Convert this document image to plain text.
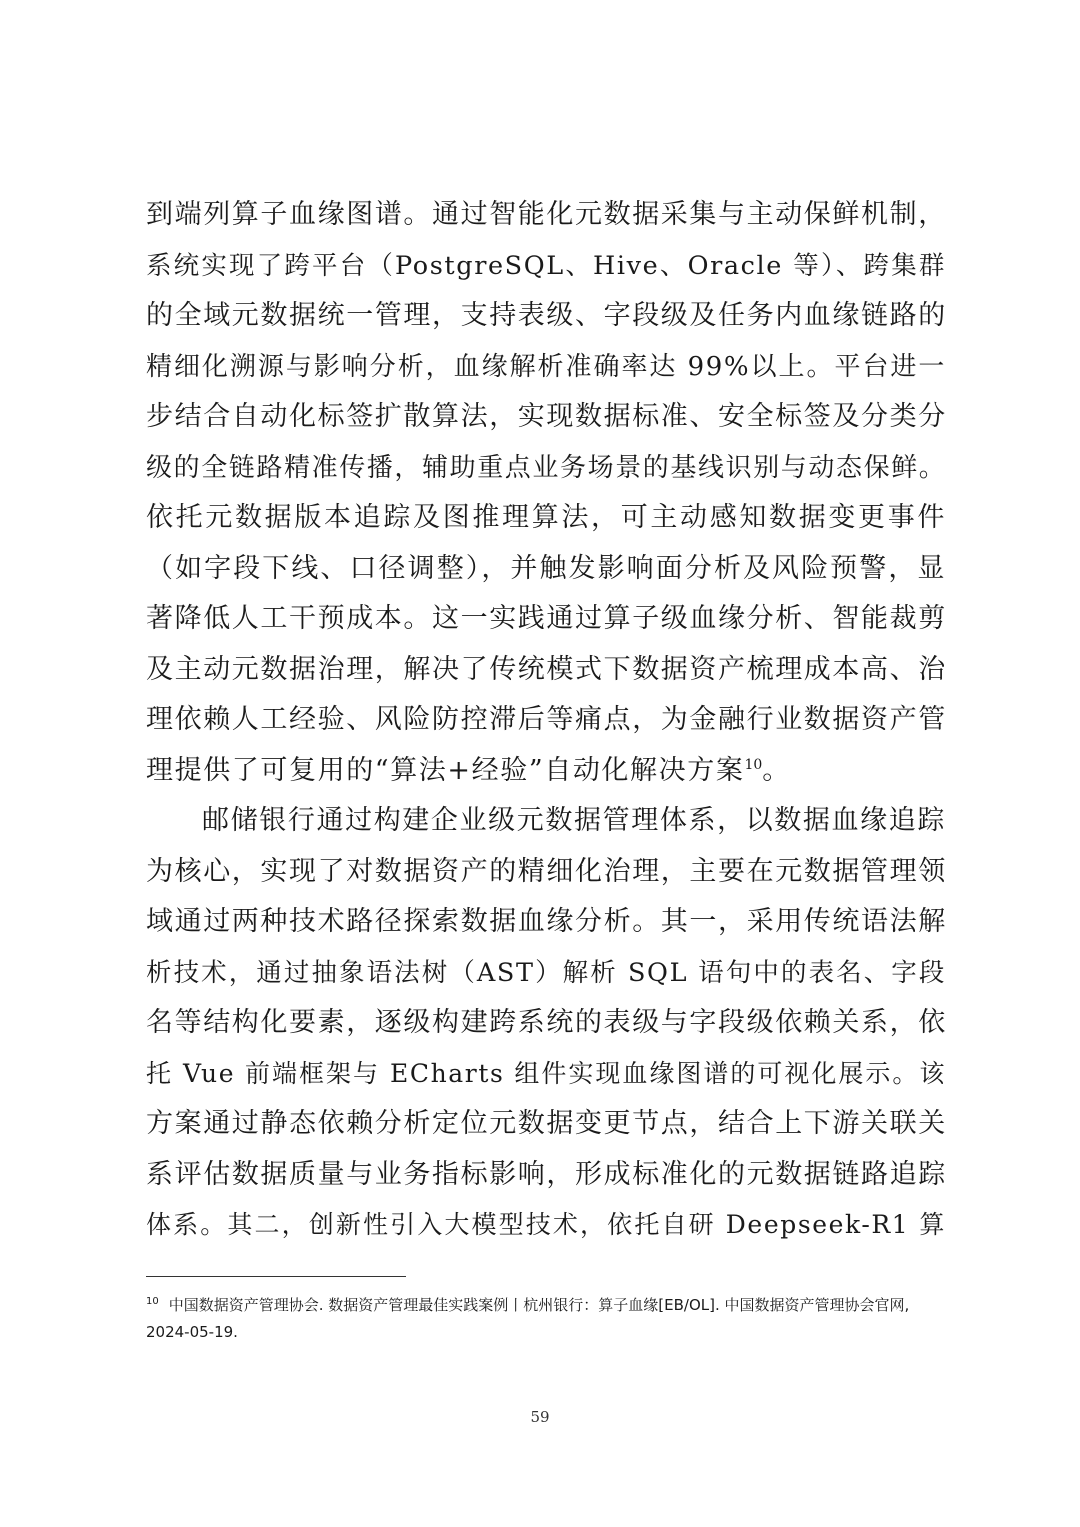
到端列算子血缘图谱。通过智能化元数据采集与主动保鲜机制，
系统实现了跨平台（PostgreSQL、Hive、Oracle 等）、跨集群
的全域元数据统一管理，支持表级、字段级及任务内血缘链路的
精细化溯源与影响分析，血缘解析准确率达 99%以上。平台进一
步结合自动化标签扩散算法，实现数据标准、安全标签及分类分
级的全链路精准传播，辅助重点业务场景的基线识别与动态保鲜。
依托元数据版本追踪及图推理算法，可主动感知数据变更事件
（如字段下线、口径调整），并触发影响面分析及风险预警，显
著降低人工干预成本。这一实践通过算子级血缘分析、智能裁剪
及主动元数据治理，解决了传统模式下数据资产梳理成本高、治
理依赖人工经验、风险防控滞后等痛点，为金融行业数据资产管
理提供了可复用的“算法+经验”自动化解决方案$^{10}$。
邮储银行通过构建企业级元数据管理体系，以数据血缘追踪
为核心，实现了对数据资产的精细化治理，主要在元数据管理领
域通过两种技术路径探索数据血缘分析。其一，采用传统语法解
析技术，通过抽象语法树（AST）解析 SQL 语句中的表名、字段
名等结构化要素，逐级构建跨系统的表级与字段级依赖关系，依
托 Vue 前端框架与 ECharts 组件实现血缘图谱的可视化展示。该
方案通过静态依赖分析定位元数据变更节点，结合上下游关联关
系评估数据质量与业务指标影响，形成标准化的元数据链路追踪
体系。其二，创新性引入大模型技术，依托自研 Deepseek-R1 算
$^{10}$ 中国数据资产管理协会. 数据资产管理最佳实践案例丨杭州银行：算子血缘[EB/OL]. 中国数据资产管理协会官网, 2024-05-19.
59
